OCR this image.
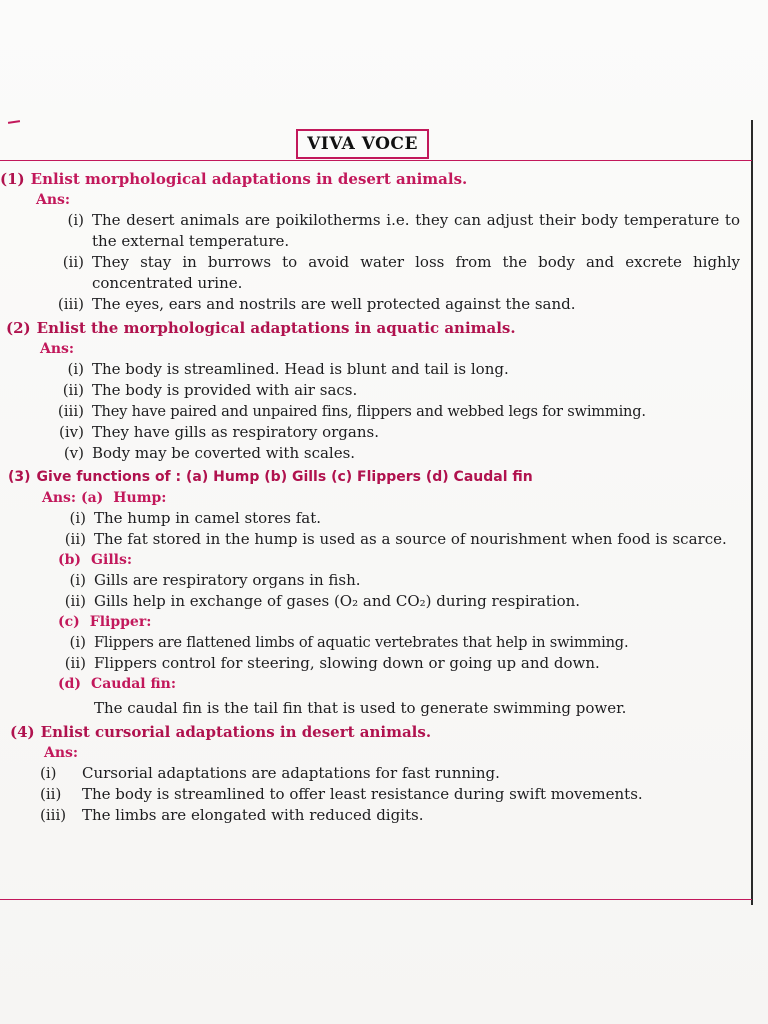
VIVA VOCE
(1) Enlist morphological adaptations in desert animals.
Ans:
(i) The desert animals are poikilotherms i.e. they can adjust their body temperature to the external temperature.
(ii) They stay in burrows to avoid water loss from the body and excrete highly concentrated urine.
(iii) The eyes, ears and nostrils are well protected against the sand.
(2) Enlist the morphological adaptations in aquatic animals.
Ans:
(i) The body is streamlined. Head is blunt and tail is long.
(ii) The body is provided with air sacs.
(iii) They have paired and unpaired fins, flippers and webbed legs for swimming.
(iv) They have gills as respiratory organs.
(v) Body may be coverted with scales.
(3) Give functions of : (a) Hump (b) Gills (c) Flippers (d) Caudal fin
Ans: (a) Hump:
(i) The hump in camel stores fat.
(ii) The fat stored in the hump is used as a source of nourishment when food is scarce.
(b) Gills:
(i) Gills are respiratory organs in fish.
(ii) Gills help in exchange of gases (O₂ and CO₂) during respiration.
(c) Flipper:
(i) Flippers are flattened limbs of aquatic vertebrates that help in swimming.
(ii) Flippers control for steering, slowing down or going up and down.
(d) Caudal fin:
The caudal fin is the tail fin that is used to generate swimming power.
(4) Enlist cursorial adaptations in desert animals.
Ans:
(i)	Cursorial adaptations are adaptations for fast running.
(ii)	The body is streamlined to offer least resistance during swift movements.
(iii)	The limbs are elongated with reduced digits.
